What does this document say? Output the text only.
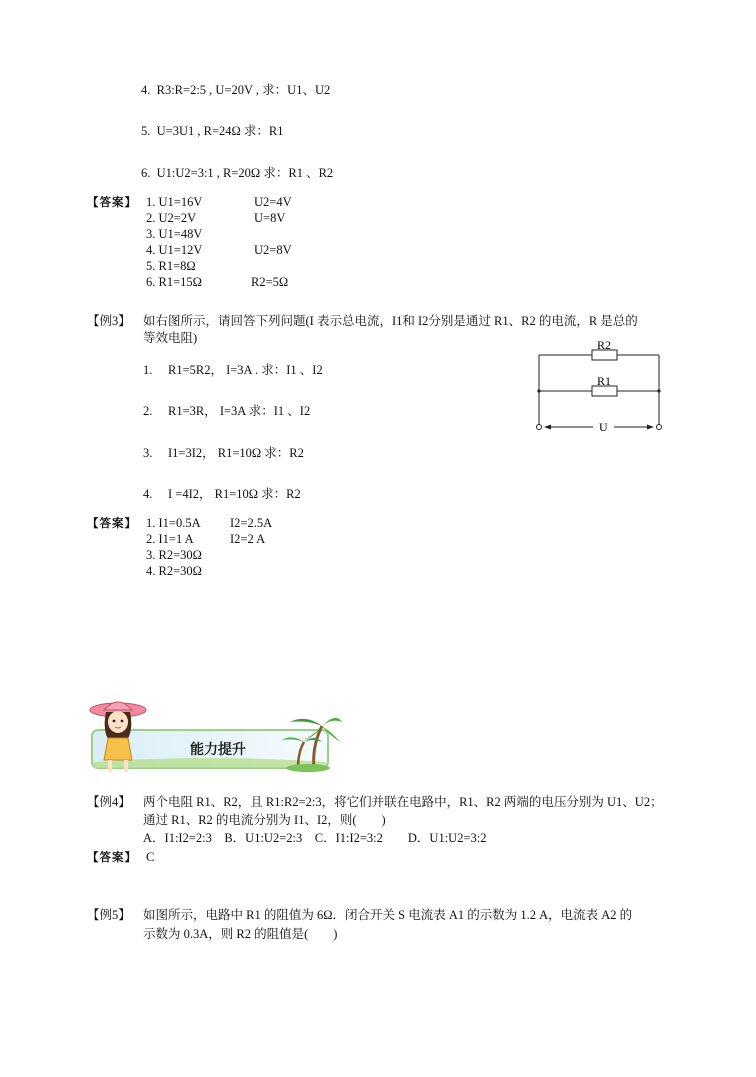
4. R3:R=2:5 , U=20V , 求：U1、U2
5. U=3U1 , R=24Ω 求：R1
6. U1:U2=3:1 , R=20Ω 求：R1 、R2
【答案】 1. U1=16V	U2=4V
2. U2=2V	U=8V
3. U1=48V
4. U1=12V	U2=8V
5. R1=8Ω
6. R1=15Ω	R2=5Ω
【例3】 如右图所示，请回答下列问题(I 表示总电流，I1和 I2分别是通过 R1、R2 的电流，R 是总的
等效电阻)
1. R1=5R2， I=3A . 求：I1 、I2
2. R1=3R， I=3A 求：I1 、I2
3. I1=3I2， R1=10Ω 求：R2
4. I =4I2， R1=10Ω 求：R2
R2
R1
U
【答案】 1. I1=0.5A I2=2.5A
2. I1=1 A	I2=2 A
3. R2=30Ω
4. R2=30Ω
能力提升
【例4】 两个电阻 R1、R2，且 R1:R2=2:3，将它们并联在电路中，R1、R2 两端的电压分别为 U1、U2；
通过 R1、R2 的电流分别为 I1、I2，则(　　)
A．I1:I2=2:3　B．U1:U2=2:3　C．I1:I2=3:2　　D．U1:U2=3:2
【答案】 C
【例5】 如图所示，电路中 R1 的阻值为 6Ω．闭合开关 S 电流表 A1 的示数为 1.2 A，电流表 A2 的
示数为 0.3A，则 R2 的阻值是(　　)
